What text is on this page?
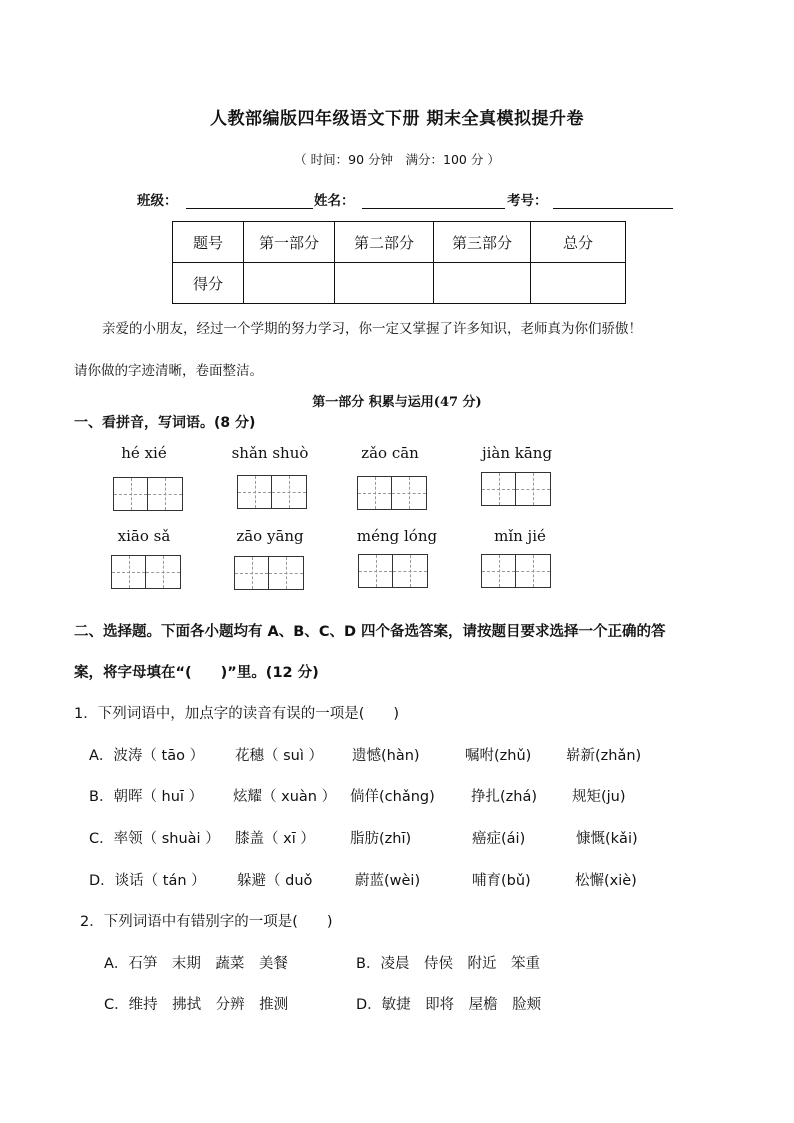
人教部编版四年级语文下册 期末全真模拟提升卷
（ 时间：90 分钟　满分：100 分 ）
班级：	姓名：	考号：
题号	第一部分	第二部分	第三部分	总分
得分				
亲爱的小朋友，经过一个学期的努力学习，你一定又掌握了许多知识，老师真为你们骄傲！
请你做的字迹清晰，卷面整洁。
第一部分 积累与运用(47 分)
一、看拼音，写词语。(8 分)
hé xié	shǎn shuò	zǎo cān	jiàn kāng
xiāo sǎ	zāo yāng	méng lóng	mǐn jié
二、选择题。下面各小题均有 A、B、C、D 四个备选答案，请按题目要求选择一个正确的答
案，将字母填在“(　　)”里。(12 分)
1．下列词语中，加点字的读音有误的一项是(　　)
A．波涛（ tāo ） 花穗（ suì ） 遗憾(hàn)	嘱咐(zhǔ) 崭新(zhǎn)
B．朝晖（ huī ） 炫耀（ xuàn ） 倘佯(chǎng) 挣扎(zhá) 规矩(ju)
C．率领（ shuài ） 膝盖（ xī ） 脂肪(zhī)	癌症(ái)	慷慨(kǎi)
D．谈话（ tán ） 躲避（ duǒ	蔚蓝(wèi)	哺育(bǔ)	松懈(xiè)
2．下列词语中有错别字的一项是(　　)
A．石笋　末期　蔬菜　美餐	B．凌晨　侍侯　附近　笨重
C．维持　拂拭　分辨　推测	D．敏捷　即将　屋檐　脸颊
